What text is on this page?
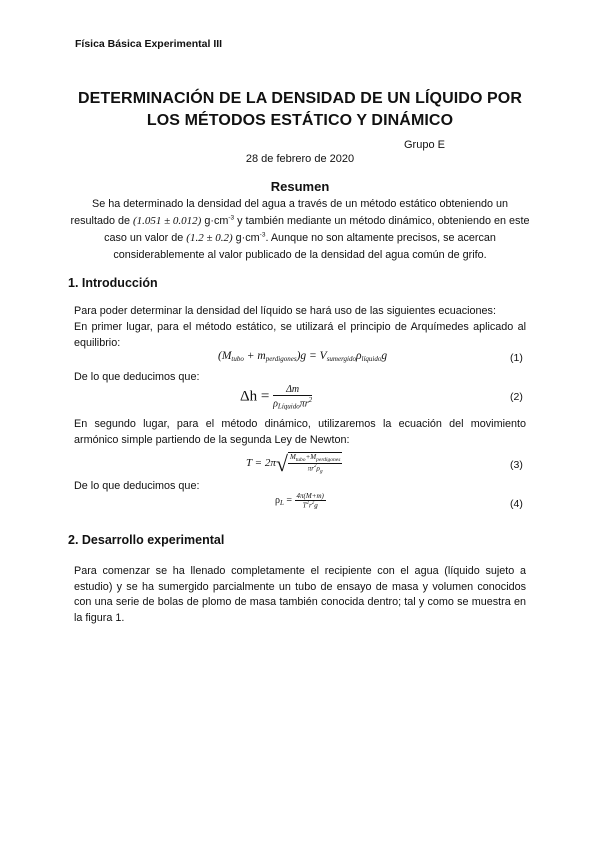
Física Básica Experimental III
DETERMINACIÓN DE LA DENSIDAD DE UN LÍQUIDO POR
LOS MÉTODOS ESTÁTICO Y DINÁMICO
Grupo E
28 de febrero de 2020
Resumen
Se ha determinado la densidad del agua a través de un método estático obteniendo un resultado de (1.051 ± 0.012) $g\cdot cm^{-3}$ y también mediante un método dinámico, obteniendo en este caso un valor de (1.2 ± 0.2) $g\cdot cm^{-3}$. Aunque no son altamente precisos, se acercan considerablemente al valor publicado de la densidad del agua común de grifo.
1. Introducción
Para poder determinar la densidad del líquido se hará uso de las siguientes ecuaciones:
En primer lugar, para el método estático, se utilizará el principio de Arquímedes aplicado al equilibrio:
$(M_{tubo} + m_{perdigones})g = V_{sumergido}\rho_{líquido}g$	(1)
De lo que deducimos que:
$\Delta h = \frac{\Delta m}{\rho_{Líquido}\pi r^2}$	(2)
En segundo lugar, para el método dinámico, utilizaremos la ecuación del movimiento armónico simple partiendo de la segunda Ley de Newton:
$T = 2\pi√ \frac{M_{tubo}+M_{perdigones}}{\pi r^2\rho_g}$	(3)
De lo que deducimos que:
$\rho_L = \frac{4\pi(M+m)}{T^2r^2g}$	(4)
2. Desarrollo experimental
Para comenzar se ha llenado completamente el recipiente con el agua (líquido sujeto a estudio) y se ha sumergido parcialmente un tubo de ensayo de masa y volumen conocidos con una serie de bolas de plomo de masa también conocida dentro; tal y como se muestra en la figura 1.
